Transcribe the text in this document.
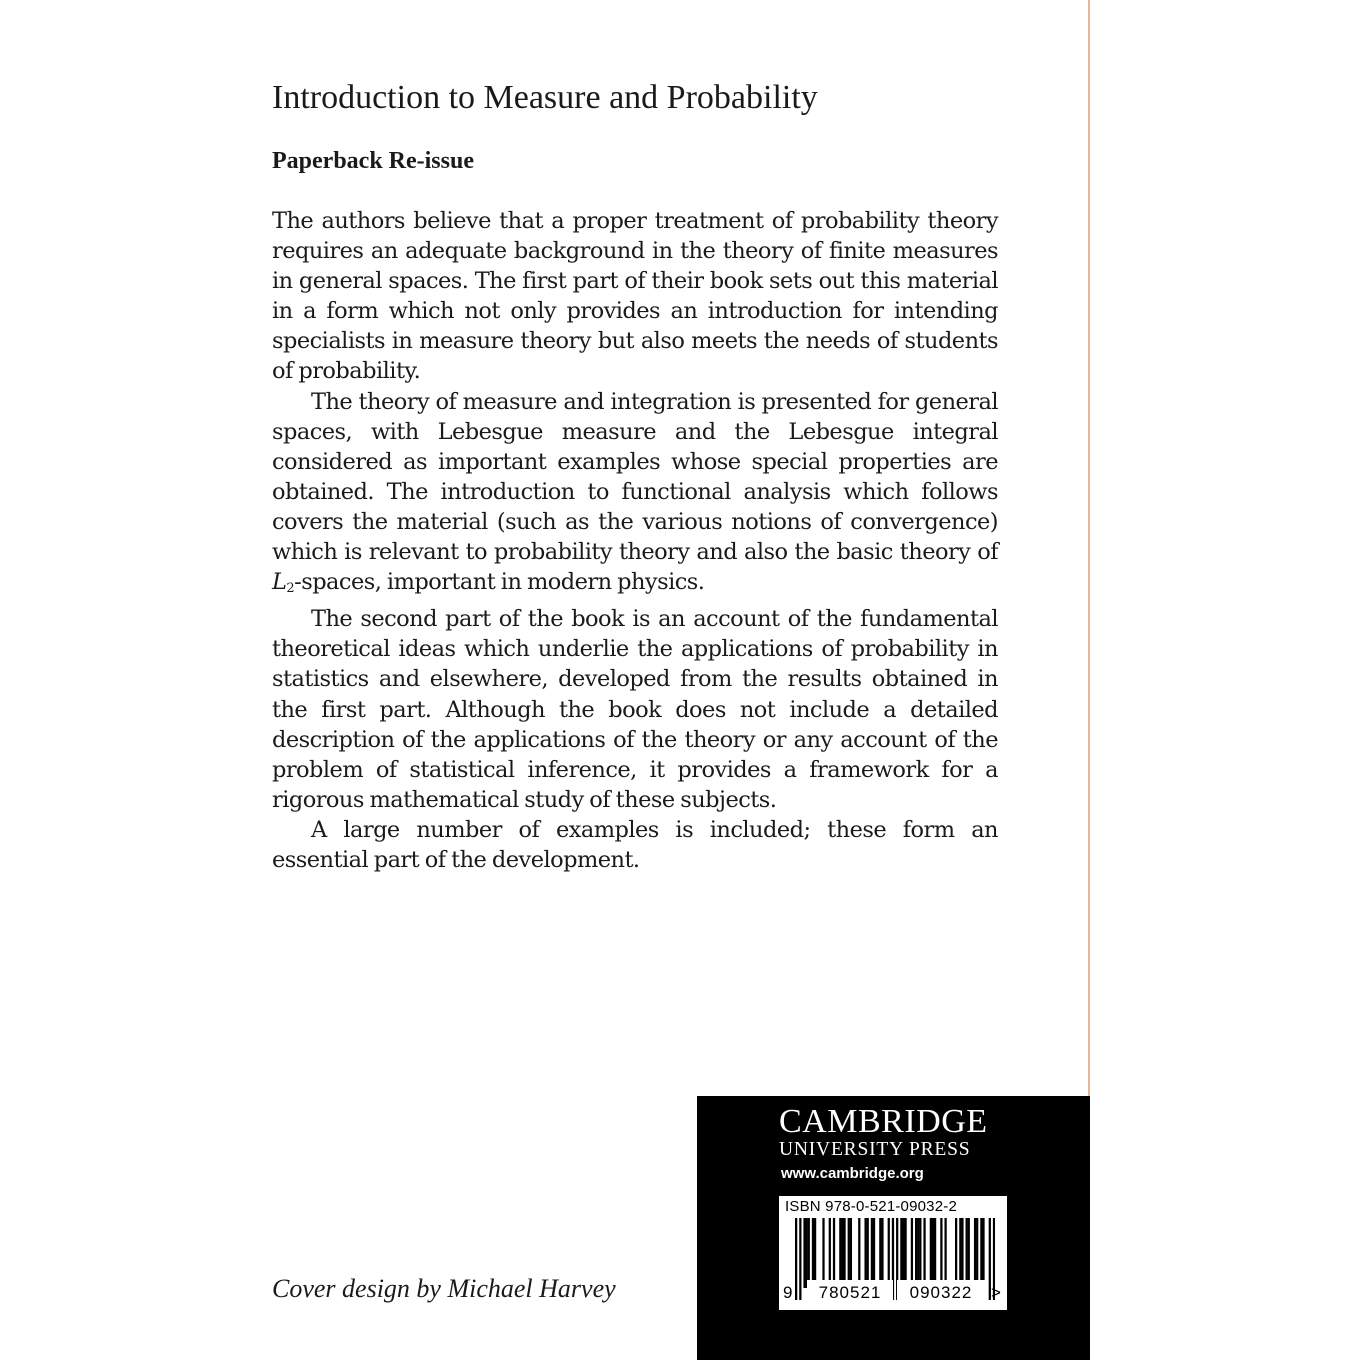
Introduction to Measure and Probability
Paperback Re-issue

The authors believe that a proper treatment of probability theory requires an adequate background in the theory of finite measures in general spaces. The first part of their book sets out this material in a form which not only provides an introduction for intending specialists in measure theory but also meets the needs of students of probability.

The theory of measure and integration is presented for general spaces, with Lebesgue measure and the Lebesgue integral considered as important examples whose special properties are obtained. The introduction to functional analysis which follows covers the material (such as the various notions of convergence) which is relevant to probability theory and also the basic theory of $L_2$-spaces, important in modern physics.

The second part of the book is an account of the fundamental theoretical ideas which underlie the applications of probability in statistics and elsewhere, developed from the results obtained in the first part. Although the book does not include a detailed description of the applications of the theory or any account of the problem of statistical inference, it provides a framework for a rigorous mathematical study of these subjects.

A large number of examples is included; these form an essential part of the development.

Cover design by Michael Harvey
CAMBRIDGE
UNIVERSITY PRESS
www.cambridge.org
ISBN 978-0-521-09032-2
9	780521	090322	>
